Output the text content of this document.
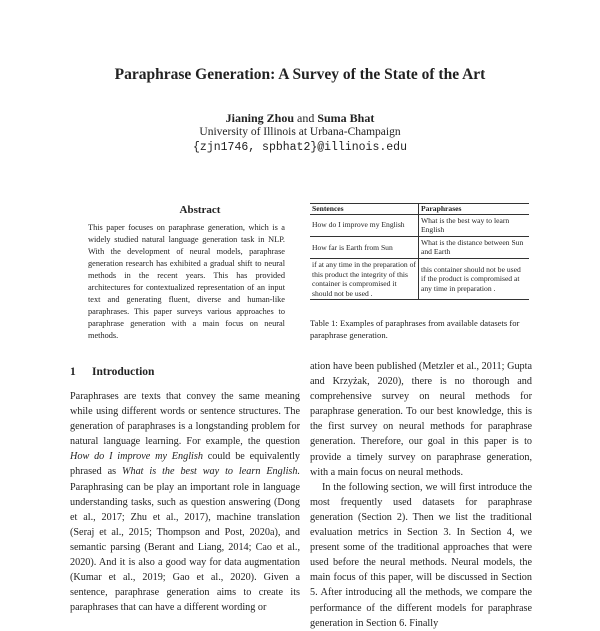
Paraphrase Generation: A Survey of the State of the Art
Jianing Zhou and Suma Bhat
University of Illinois at Urbana-Champaign
{zjn1746, spbhat2}@illinois.edu
Abstract
This paper focuses on paraphrase generation, which is a widely studied natural language generation task in NLP. With the development of neural models, paraphrase generation research has exhibited a gradual shift to neural methods in the recent years. This has provided architectures for contextualized representation of an input text and generating fluent, diverse and human-like paraphrases. This paper surveys various approaches to paraphrase generation with a main focus on neural methods.
1 Introduction
Paraphrases are texts that convey the same meaning while using different words or sentence structures. The generation of paraphrases is a longstanding problem for natural language learning. For example, the question How do I improve my English could be equivalently phrased as What is the best way to learn English. Paraphrasing can be play an important role in language understanding tasks, such as question answering (Dong et al., 2017; Zhu et al., 2017), machine translation (Seraj et al., 2015; Thompson and Post, 2020a), and semantic parsing (Berant and Liang, 2014; Cao et al., 2020). And it is also a good way for data augmentation (Kumar et al., 2019; Gao et al., 2020). Given a sentence, paraphrase generation aims to create its paraphrases that can have a different wording or
Sentences	Paraphrases
How do I improve my English	What is the best way to learn English
How far is Earth from Sun	What is the distance between Sun and Earth
if at any time in the preparation of this product the integrity of this container is compromised it should not be used .	this container should not be used if the product is compromised at any time in preparation .
Table 1: Examples of paraphrases from available datasets for paraphrase generation.
ation have been published (Metzler et al., 2011; Gupta and Krzyżak, 2020), there is no thorough and comprehensive survey on neural methods for paraphrase generation. To our best knowledge, this is the first survey on neural methods for paraphrase generation. Therefore, our goal in this paper is to provide a timely survey on paraphrase generation, with a main focus on neural methods.
In the following section, we will first introduce the most frequently used datasets for paraphrase generation (Section 2). Then we list the traditional evaluation metrics in Section 3. In Section 4, we present some of the traditional approaches that were used before the neural methods. Neural models, the main focus of this paper, will be discussed in Section 5. After introducing all the methods, we compare the performance of the different models for paraphrase generation in Section 6. Finally
